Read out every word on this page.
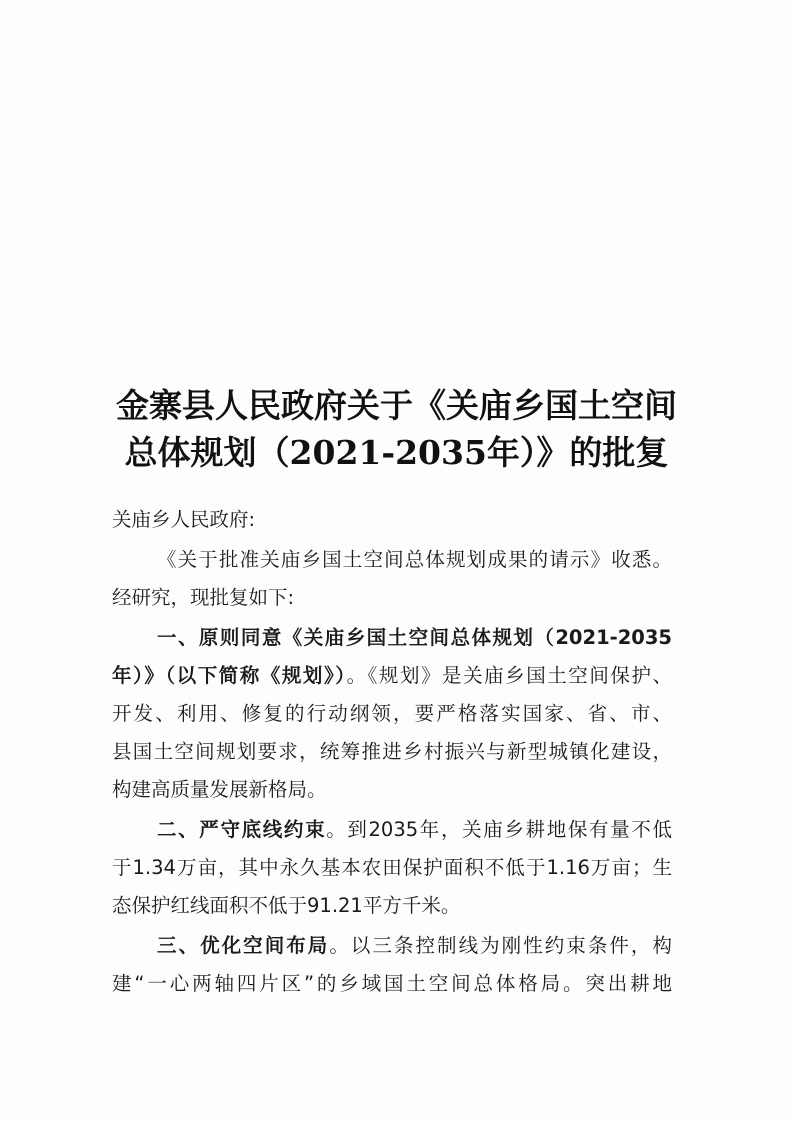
金寨县人民政府关于《关庙乡国土空间
总体规划（2021-2035年）》的批复
关庙乡人民政府:
《关于批准关庙乡国土空间总体规划成果的请示》收悉。
经研究，现批复如下:
一、原则同意《关庙乡国土空间总体规划（2021-2035
年）》（以下简称《规划》）。《规划》是关庙乡国土空间保护、
开发、利用、修复的行动纲领，要严格落实国家、省、市、
县国土空间规划要求，统筹推进乡村振兴与新型城镇化建设，
构建高质量发展新格局。
二、严守底线约束。到2035年，关庙乡耕地保有量不低
于1.34万亩，其中永久基本农田保护面积不低于1.16万亩；生
态保护红线面积不低于91.21平方千米。
三、优化空间布局。以三条控制线为刚性约束条件，构
建“一心两轴四片区”的乡域国土空间总体格局。突出耕地
